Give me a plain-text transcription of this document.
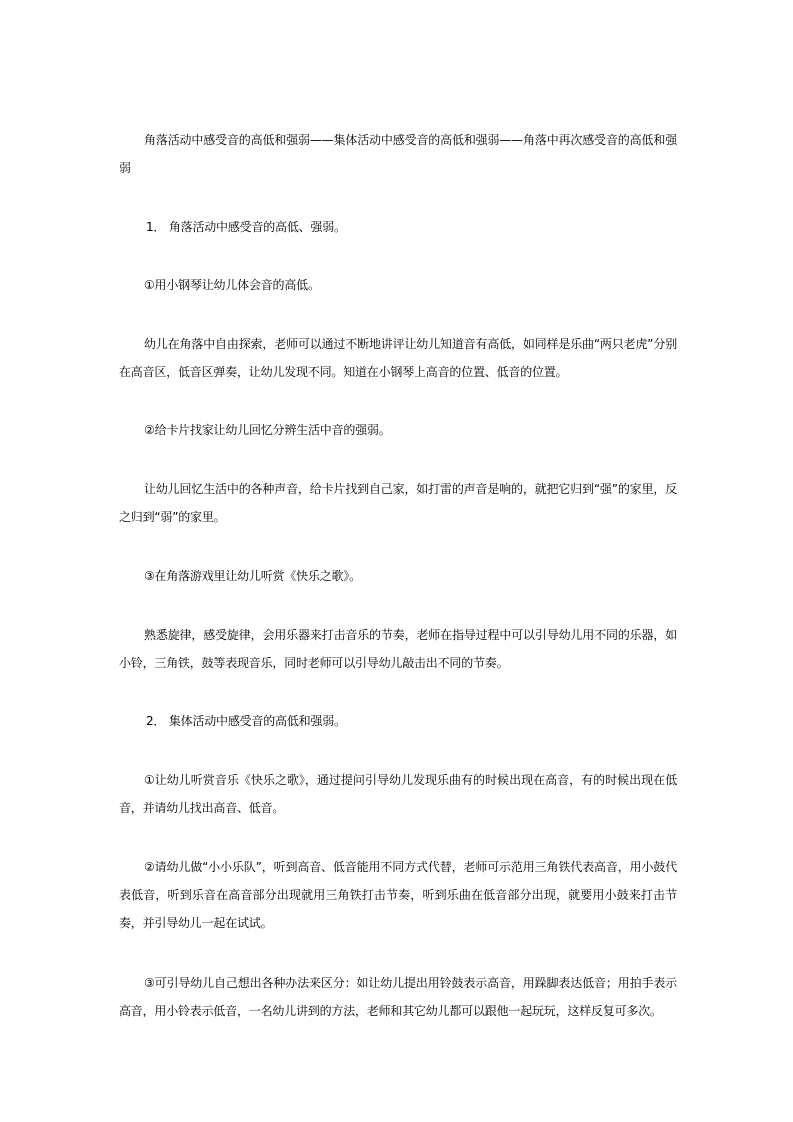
角落活动中感受音的高低和强弱——集体活动中感受音的高低和强弱——角落中再次感受音的高低和强弱

1． 角落活动中感受音的高低、强弱。

①用小钢琴让幼儿体会音的高低。

幼儿在角落中自由探索，老师可以通过不断地讲评让幼儿知道音有高低，如同样是乐曲“两只老虎”分别在高音区，低音区弹奏，让幼儿发现不同。知道在小钢琴上高音的位置、低音的位置。

②给卡片找家让幼儿回忆分辨生活中音的强弱。

让幼儿回忆生活中的各种声音，给卡片找到自己家，如打雷的声音是响的，就把它归到“强”的家里，反之归到“弱”的家里。

③在角落游戏里让幼儿听赏《快乐之歌》。

熟悉旋律，感受旋律，会用乐器来打击音乐的节奏，老师在指导过程中可以引导幼儿用不同的乐器，如小铃，三角铁，鼓等表现音乐，同时老师可以引导幼儿敲击出不同的节奏。

2． 集体活动中感受音的高低和强弱。

①让幼儿听赏音乐《快乐之歌》，通过提问引导幼儿发现乐曲有的时候出现在高音，有的时候出现在低音，并请幼儿找出高音、低音。

②请幼儿做“小小乐队”，听到高音、低音能用不同方式代替，老师可示范用三角铁代表高音，用小鼓代表低音，听到乐音在高音部分出现就用三角铁打击节奏，听到乐曲在低音部分出现，就要用小鼓来打击节奏，并引导幼儿一起在试试。

③可引导幼儿自己想出各种办法来区分：如让幼儿提出用铃鼓表示高音，用跺脚表达低音；用拍手表示高音，用小铃表示低音，一名幼儿讲到的方法，老师和其它幼儿都可以跟他一起玩玩，这样反复可多次。
